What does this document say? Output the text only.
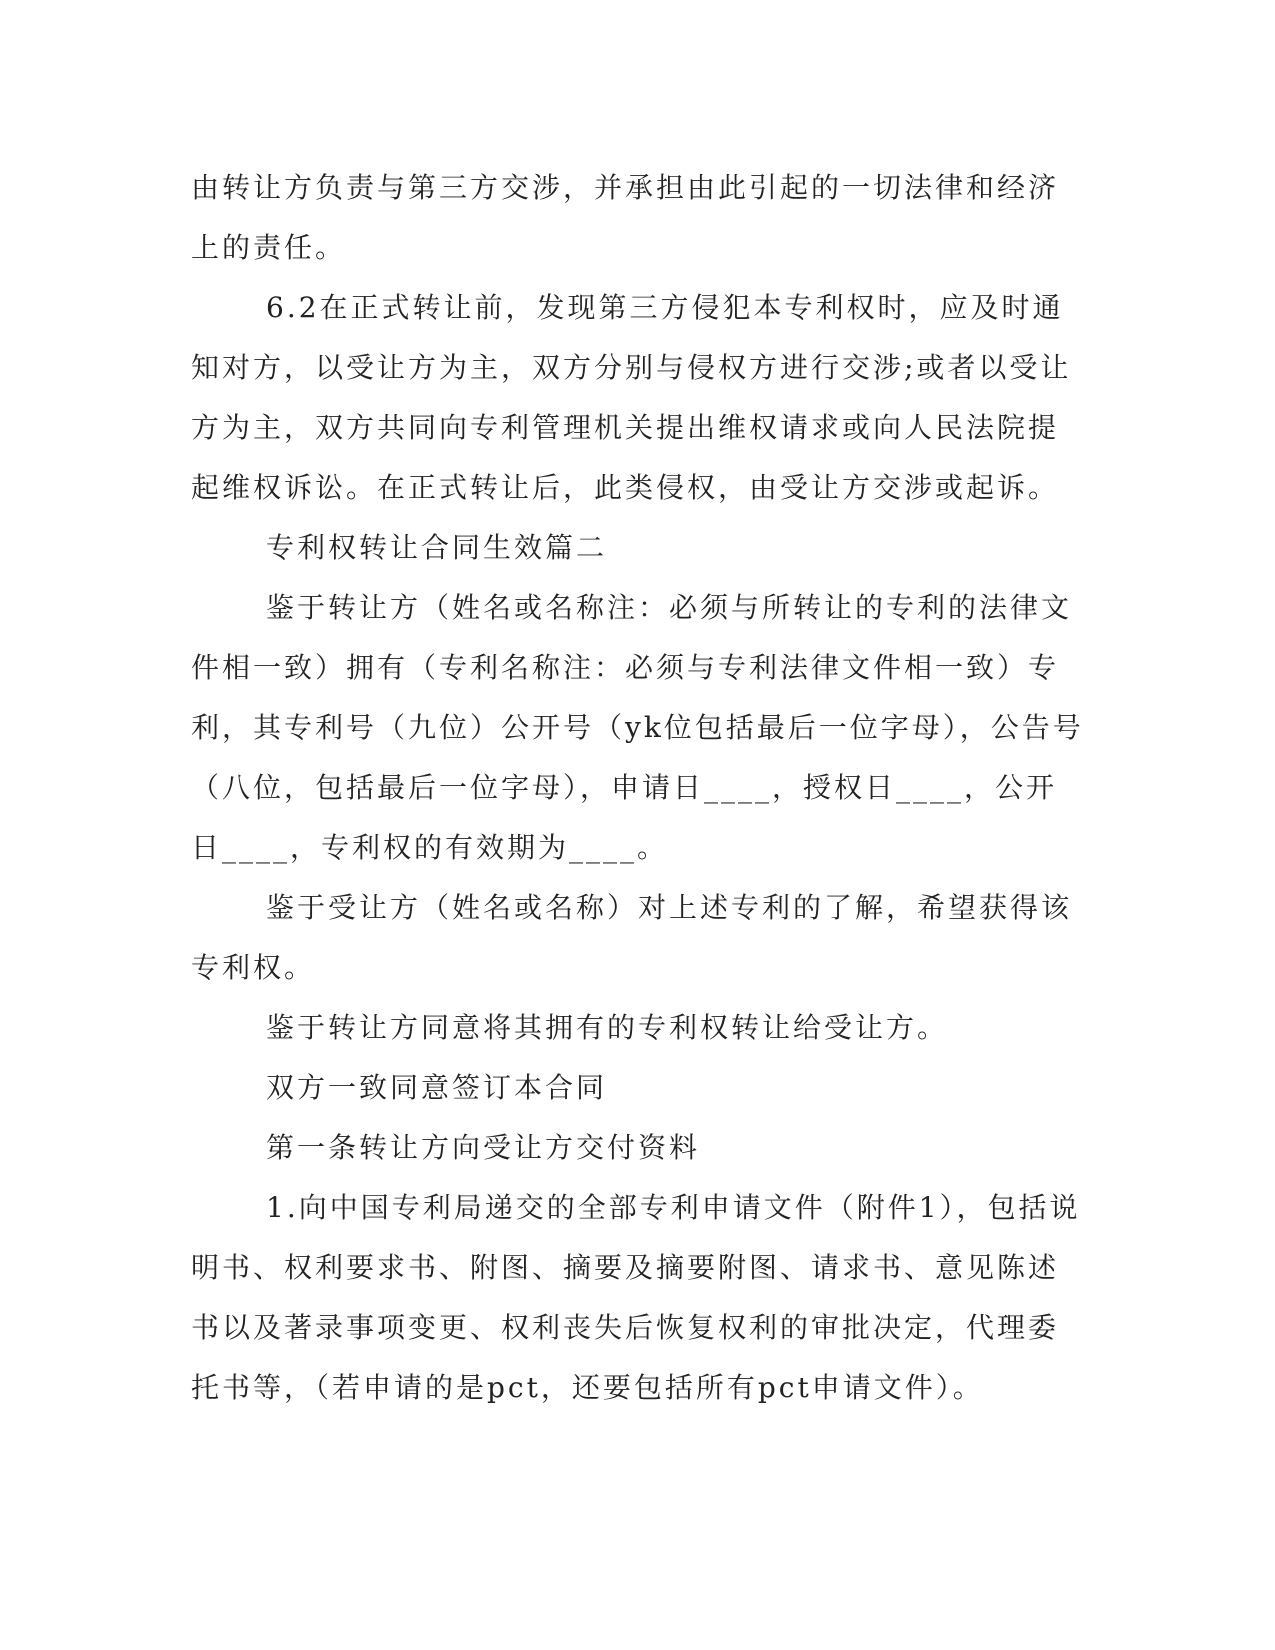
由转让方负责与第三方交涉，并承担由此引起的一切法律和经济上的责任。

6.2在正式转让前，发现第三方侵犯本专利权时，应及时通知对方，以受让方为主，双方分别与侵权方进行交涉;或者以受让方为主，双方共同向专利管理机关提出维权请求或向人民法院提起维权诉讼。在正式转让后，此类侵权，由受让方交涉或起诉。

专利权转让合同生效篇二

鉴于转让方（姓名或名称注：必须与所转让的专利的法律文件相一致）拥有（专利名称注：必须与专利法律文件相一致）专利，其专利号（九位）公开号（yk位包括最后一位字母），公告号（八位，包括最后一位字母），申请日____，授权日____，公开日____，专利权的有效期为____。

鉴于受让方（姓名或名称）对上述专利的了解，希望获得该专利权。

鉴于转让方同意将其拥有的专利权转让给受让方。

双方一致同意签订本合同

第一条转让方向受让方交付资料

1.向中国专利局递交的全部专利申请文件（附件1），包括说明书、权利要求书、附图、摘要及摘要附图、请求书、意见陈述书以及著录事项变更、权利丧失后恢复权利的审批决定，代理委托书等，（若申请的是pct，还要包括所有pct申请文件）。
